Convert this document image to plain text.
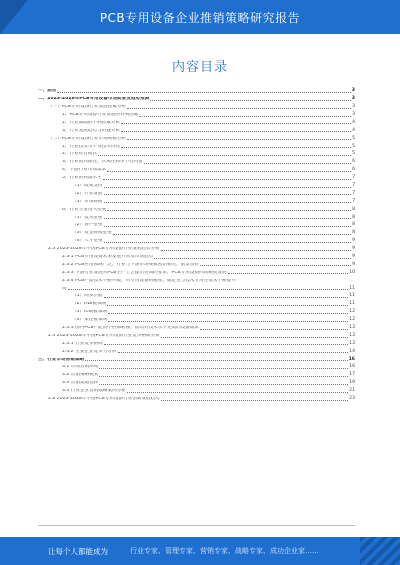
PCB专用设备企业推销策略研究报告
内容目录
一、前言	3
二、2023-2028年PCB专用设备市场前景及趋势预测	3
（一）PCB专用设备行业发展因素分析	3
1、PCB专用设备行业发展的有利因素	3
2、行业面临的不利因素分析	4
3、行业发展趋势与机遇分析	4
（二）PCB专用设备行业市场规模分析	5
1、行业技术水平及技术特点	5
2、行业经营模式	5
3、行业的周期性、区域性和季节性特征	6
4、下游行业市场需求	6
5、行业的利润水平	7
（1）政策支持	7
（2）行业发展	7
（3）市场规模	7
6、行业主要进入壁垒	8
（1）技术壁垒	8
（2）客户壁垒	8
（3）资金规模壁垒	8
（4）人才壁垒	9
2.3 2023-2028年中国PCB专用设备行业发展趋势分析	9
2.3.1 PCB专用设备未来发展方向及市场趋势	9
2.3.2 PCB应用领域广泛，行业与下游市场规模密切相关，前景良好	9
2.3.3 下游行业发展对PCB生产工艺提出更高的要求，PCB专用设备向高精度发展	10
2.3.4 PCB产品技术不断升级，对专用设备的精度、稳定性与技术专用性要求不断提升
高	11
（1）高多层板	11
（2）HDI板领域	11
（3）IC载板领域	12
（4）柔性板领域	12
2.3.5 国内PCB产能向中西部转移，推动对技术水平更高的设备需求	13
2.4 2023-2028年中国PCB专用设备行业竞争格局分析	13
2.4.1 行业竞争格局	13
2.4.2 主要企业竞争力分析	14
三、行业市场营销策略	16
3.1 市场营销环境	16
3.2 营销策略模式	17
3.3 营销渠道选择	19
3.4 行业企业营销战略案例分析	21
2.6 2023-2028年中国PCB专用设备行业创新发展趋势	23
让每个人都能成为	行业专家、管理专家、营销专家、战略专家、成功企业家……
